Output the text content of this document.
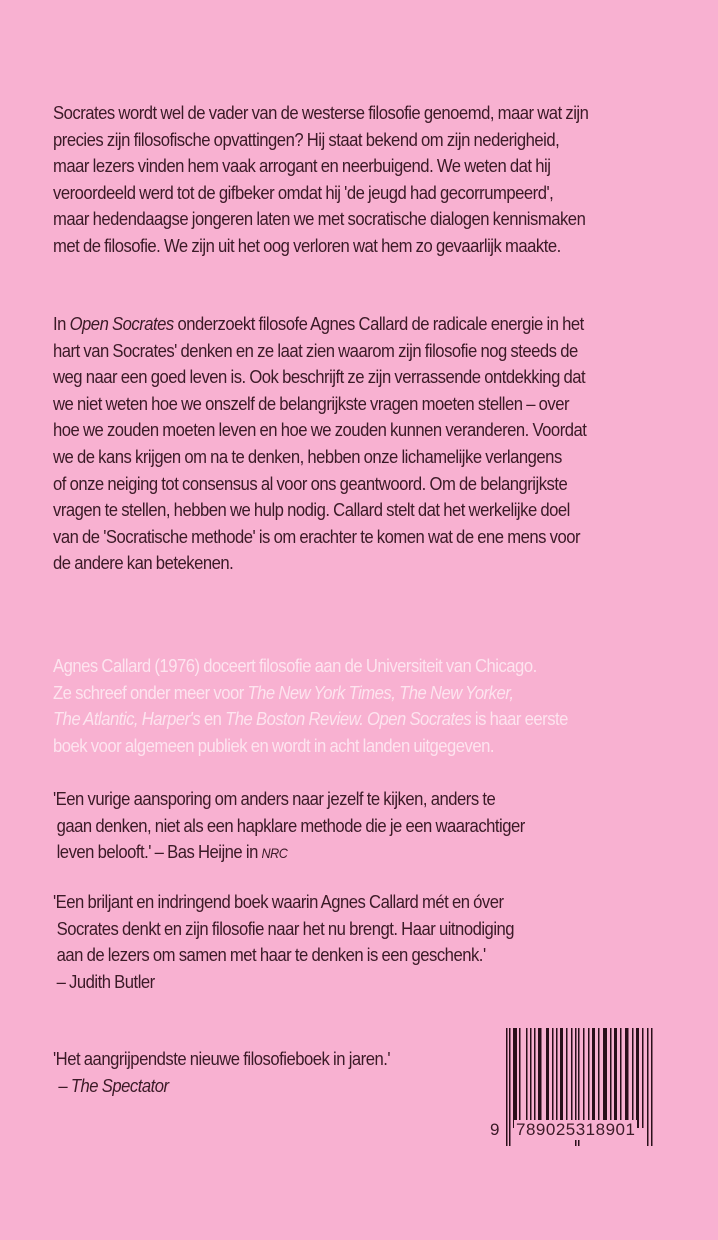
Socrates wordt wel de vader van de westerse filosofie genoemd, maar wat zijn
precies zijn filosofische opvattingen? Hij staat bekend om zijn nederigheid,
maar lezers vinden hem vaak arrogant en neerbuigend. We weten dat hij
veroordeeld werd tot de gifbeker omdat hij 'de jeugd had gecorrumpeerd',
maar hedendaagse jongeren laten we met socratische dialogen kennismaken
met de filosofie. We zijn uit het oog verloren wat hem zo gevaarlijk maakte.
In Open Socrates onderzoekt filosofe Agnes Callard de radicale energie in het
hart van Socrates' denken en ze laat zien waarom zijn filosofie nog steeds de
weg naar een goed leven is. Ook beschrijft ze zijn verrassende ontdekking dat
we niet weten hoe we onszelf de belangrijkste vragen moeten stellen – over
hoe we zouden moeten leven en hoe we zouden kunnen veranderen. Voordat
we de kans krijgen om na te denken, hebben onze lichamelijke verlangens
of onze neiging tot consensus al voor ons geantwoord. Om de belangrijkste
vragen te stellen, hebben we hulp nodig. Callard stelt dat het werkelijke doel
van de 'Socratische methode' is om erachter te komen wat de ene mens voor
de andere kan betekenen.
Agnes Callard (1976) doceert filosofie aan de Universiteit van Chicago.
Ze schreef onder meer voor The New York Times, The New Yorker,
The Atlantic, Harper's en The Boston Review. Open Socrates is haar eerste
boek voor algemeen publiek en wordt in acht landen uitgegeven.
'Een vurige aansporing om anders naar jezelf te kijken, anders te
gaan denken, niet als een hapklare methode die je een waarachtiger
leven belooft.' – Bas Heijne in NRC
'Een briljant en indringend boek waarin Agnes Callard mét en óver
Socrates denkt en zijn filosofie naar het nu brengt. Haar uitnodiging
aan de lezers om samen met haar te denken is een geschenk.'
– Judith Butler
'Het aangrijpendste nieuwe filosofieboek in jaren.'
– The Spectator
9 789025318901
